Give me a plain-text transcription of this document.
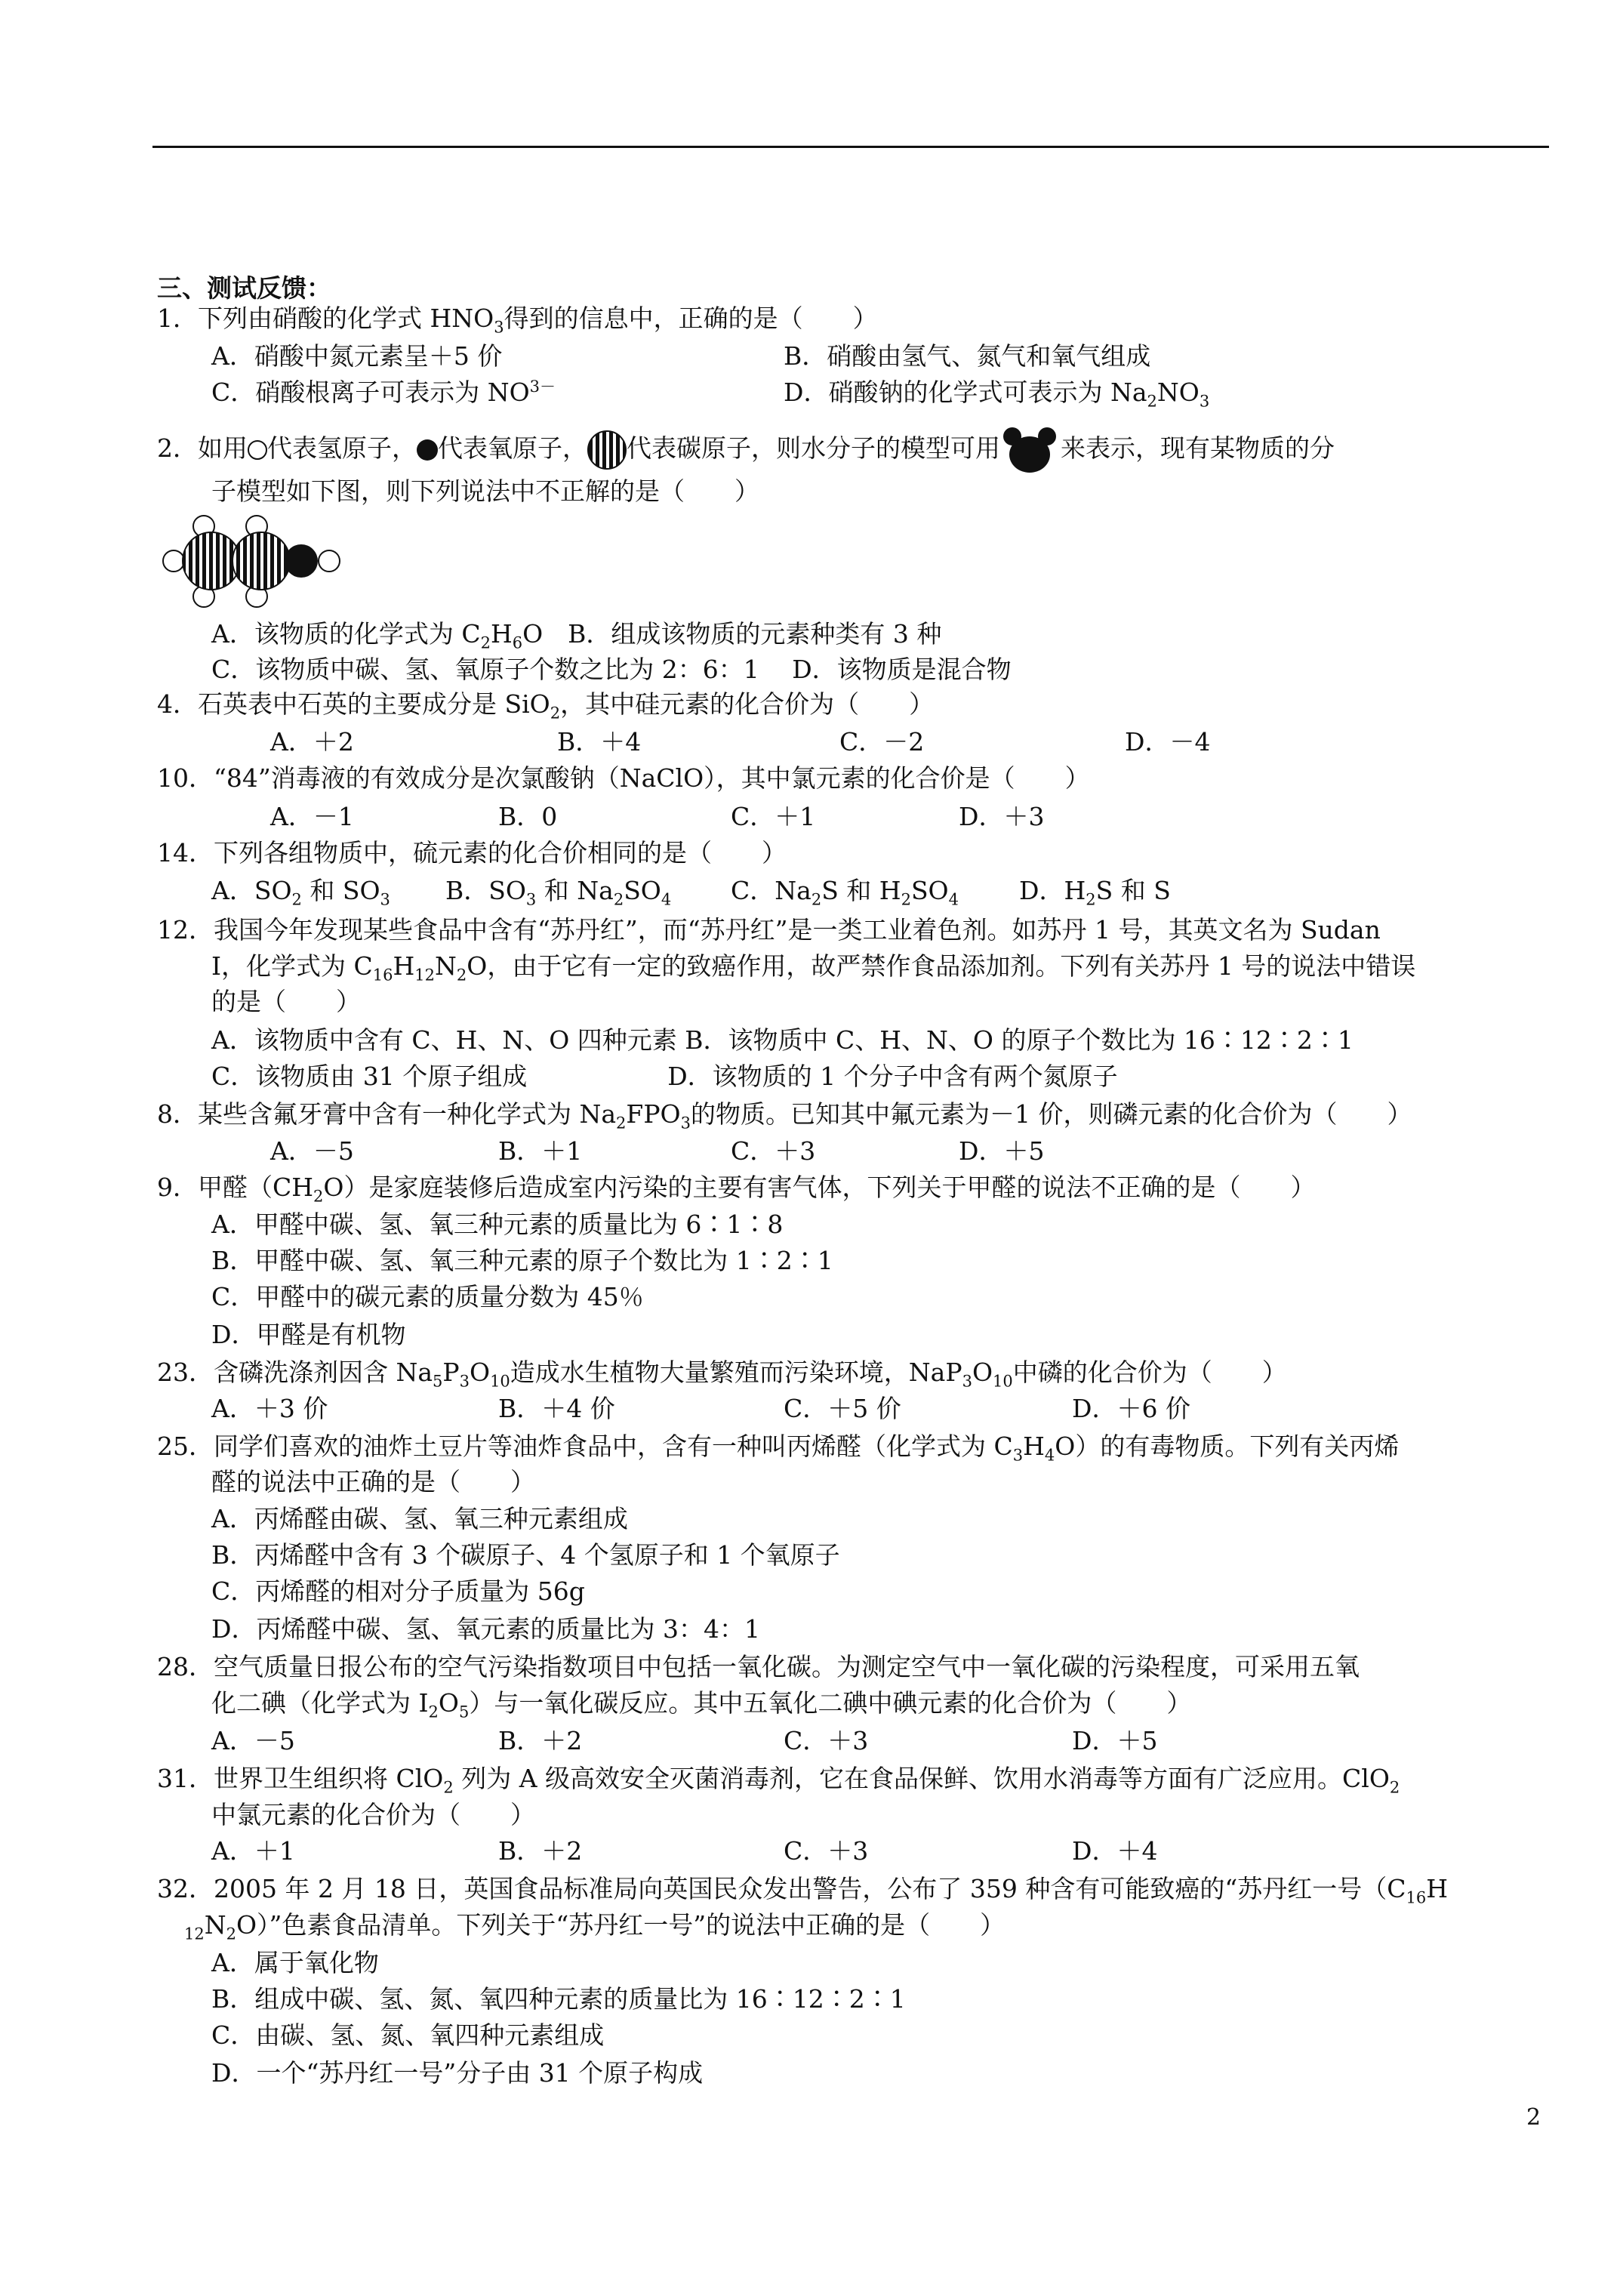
三、测试反馈：
1．下列由硝酸的化学式 $HNO_3$得到的信息中，正确的是（　　）
A．硝酸中氮元素呈＋5 价	B．硝酸由氢气、氮气和氧气组成
C．硝酸根离子可表示为 $NO^{3-}$	D．硝酸钠的化学式可表示为 $Na_2NO_3$
2．如用 代表氢原子， 代表氧原子， 代表碳原子，则水分子的模型可用 来表示，现有某物质的分
子模型如下图，则下列说法中不正解的是（　　）
A．该物质的化学式为 $C_2H_6O$　B．组成该物质的元素种类有 3 种
C．该物质中碳、氢、氧原子个数之比为 2：6：1　 D．该物质是混合物
4．石英表中石英的主要成分是 SiO$_2$，其中硅元素的化合价为（　　）
A．＋2	B．＋4	C．－2	D．－4
10．“84”消毒液的有效成分是次氯酸钠（NaClO），其中氯元素的化合价是（　　）
A．－1	B．0	C．＋1	D．＋3
14．下列各组物质中，硫元素的化合价相同的是（　　）
A．$SO_2$ 和 $SO_3$ B．$SO_3$ 和 $Na_2SO_4$ C．$Na_2S$ 和 $H_2SO_4$ D．$H_2S$ 和 S
12．我国今年发现某些食品中含有“苏丹红”，而“苏丹红”是一类工业着色剂。如苏丹 1 号，其英文名为 Sudan
I，化学式为 $C_{16}H_{12}N_2O$，由于它有一定的致癌作用，故严禁作食品添加剂。下列有关苏丹 1 号的说法中错误
的是（　　）
A．该物质中含有 C、H、N、O 四种元素 B．该物质中 C、H、N、O 的原子个数比为 16∶12∶2∶1
C．该物质由 31 个原子组成　　　　 　 D．该物质的 1 个分子中含有两个氮原子
8．某些含氟牙膏中含有一种化学式为 $Na_2FPO_3$的物质。已知其中氟元素为－1 价，则磷元素的化合价为（　　）
A．－5	B．＋1	C．＋3	D．＋5
9．甲醛$(CH_2O)$是家庭装修后造成室内污染的主要有害气体，下列关于甲醛的说法不正确的是（　　）
A．甲醛中碳、氢、氧三种元素的质量比为 6∶1∶8
B．甲醛中碳、氢、氧三种元素的原子个数比为 1∶2∶1
C．甲醛中的碳元素的质量分数为 45％
D．甲醛是有机物
23．含磷洗涤剂因含 $Na_5P_3O_{10}$造成水生植物大量繁殖而污染环境，$NaP_3O_{10}$中磷的化合价为（　　）
A．＋3 价	B．＋4 价	C．＋5 价	D．＋6 价
25．同学们喜欢的油炸土豆片等油炸食品中，含有一种叫丙烯醛（化学式为 $C_3H_4O$）的有毒物质。下列有关丙烯
醛的说法中正确的是（　　）
A．丙烯醛由碳、氢、氧三种元素组成
B．丙烯醛中含有 3 个碳原子、4 个氢原子和 1 个氧原子
C．丙烯醛的相对分子质量为 56g
D．丙烯醛中碳、氢、氧元素的质量比为 3：4：1
28．空气质量日报公布的空气污染指数项目中包括一氧化碳。为测定空气中一氧化碳的污染程度，可采用五氧
化二碘（化学式为 $I_2O_5$）与一氧化碳反应。其中五氧化二碘中碘元素的化合价为（　　）
A．－5	B．＋2	C．＋3	D．＋5
31．世界卫生组织将 ClO$_2$ 列为 A 级高效安全灭菌消毒剂，它在食品保鲜、饮用水消毒等方面有广泛应用。ClO$_2$
中氯元素的化合价为（　　）
A．＋1	B．＋2	C．＋3	D．＋4
32．2005 年 2 月 18 日，英国食品标准局向英国民众发出警告，公布了 359 种含有可能致癌的“苏丹红一号（$C_{16}H$
$_{12}N_2O$）”色素食品清单。下列关于“苏丹红一号”的说法中正确的是（　　）
A．属于氧化物
B．组成中碳、氢、氮、氧四种元素的质量比为 16∶12∶2∶1
C．由碳、氢、氮、氧四种元素组成
D．一个“苏丹红一号”分子由 31 个原子构成
2
